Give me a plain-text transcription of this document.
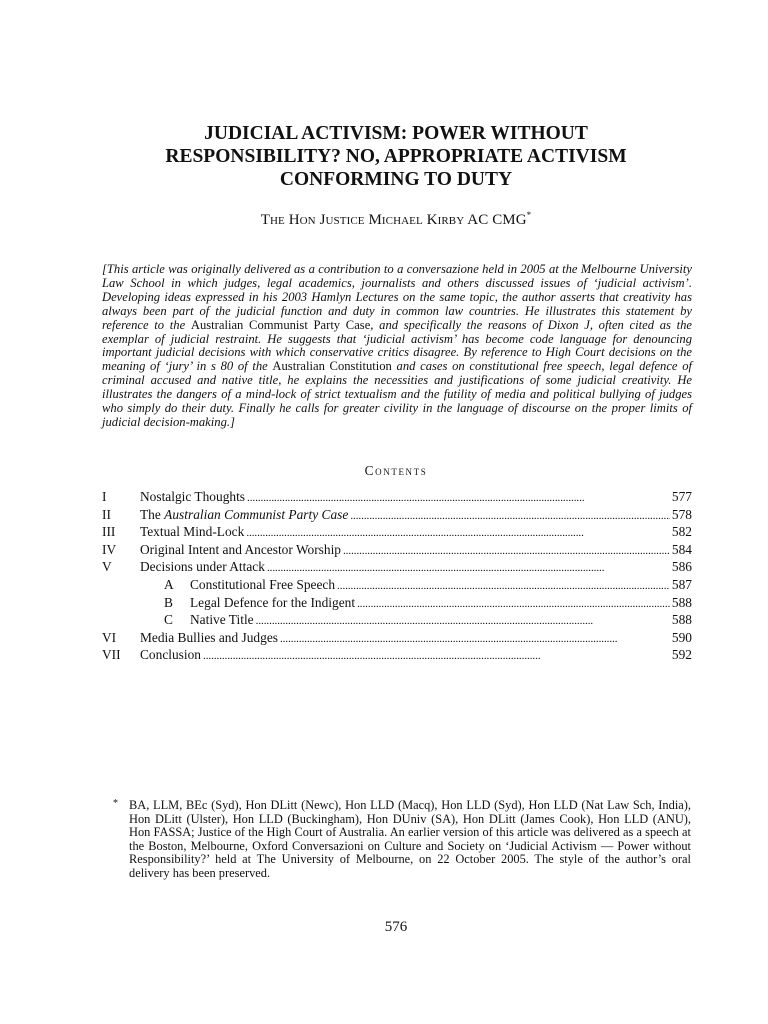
JUDICIAL ACTIVISM: POWER WITHOUT
RESPONSIBILITY? NO, APPROPRIATE ACTIVISM
CONFORMING TO DUTY
The Hon Justice Michael Kirby AC CMG*
[This article was originally delivered as a contribution to a conversazione held in 2005 at the Melbourne University Law School in which judges, legal academics, journalists and others discussed issues of ‘judicial activism’. Developing ideas expressed in his 2003 Hamlyn Lectures on the same topic, the author asserts that creativity has always been part of the judicial function and duty in common law countries. He illustrates this statement by reference to the Australian Communist Party Case, and specifically the reasons of Dixon J, often cited as the exemplar of judicial restraint. He suggests that ‘judicial activism’ has become code language for denouncing important judicial decisions with which conservative critics disagree. By reference to High Court decisions on the meaning of ‘jury’ in s 80 of the Australian Constitution and cases on constitutional free speech, legal defence of criminal accused and native title, he explains the necessities and justifications of some judicial creativity. He illustrates the dangers of a mind-lock of strict textualism and the futility of media and political bullying of judges who simply do their duty. Finally he calls for greater civility in the language of discourse on the proper limits of judicial decision-making.]
Contents
I	Nostalgic Thoughts . . .	577
II	The Australian Communist Party Case . . .	578
III	Textual Mind-Lock . . .	582
IV	Original Intent and Ancestor Worship . . .	584
V	Decisions under Attack . . .	586
A	Constitutional Free Speech . . .	587
B	Legal Defence for the Indigent . . .	588
C	Native Title . . .	588
VI	Media Bullies and Judges . . .	590
VII	Conclusion . . .	592
* BA, LLM, BEc (Syd), Hon DLitt (Newc), Hon LLD (Macq), Hon LLD (Syd), Hon LLD (Nat Law Sch, India), Hon DLitt (Ulster), Hon LLD (Buckingham), Hon DUniv (SA), Hon DLitt (James Cook), Hon LLD (ANU), Hon FASSA; Justice of the High Court of Australia. An earlier version of this article was delivered as a speech at the Boston, Melbourne, Oxford Conversazioni on Culture and Society on ‘Judicial Activism — Power without Responsibility?’ held at The University of Melbourne, on 22 October 2005. The style of the author’s oral delivery has been preserved.
576
